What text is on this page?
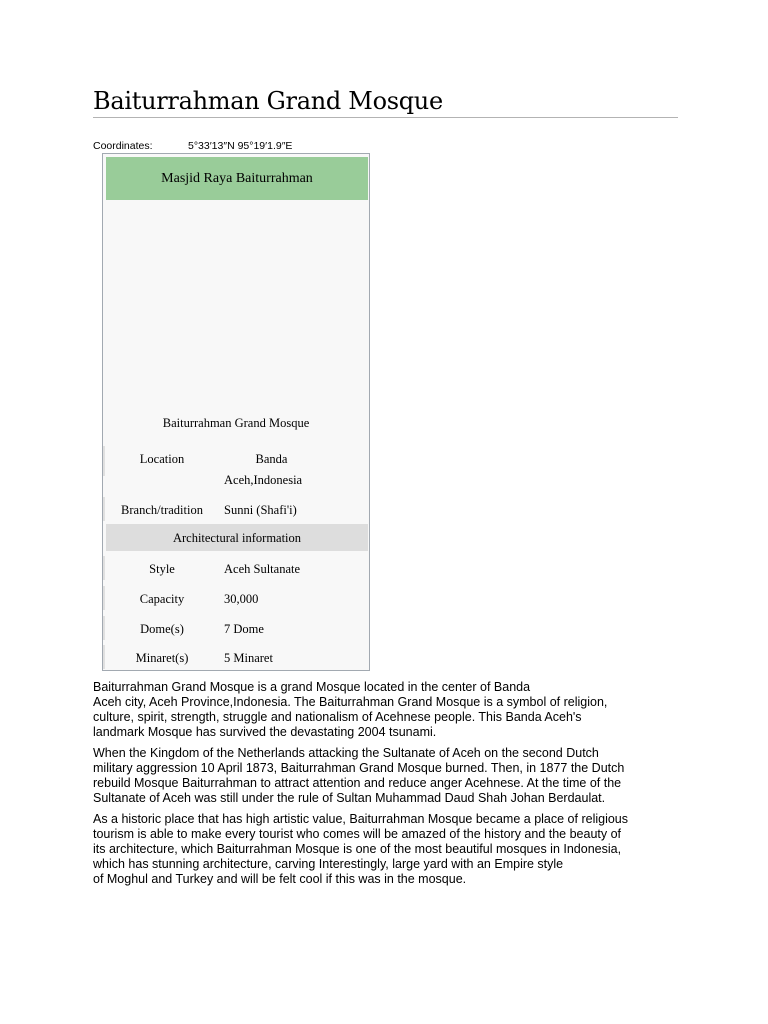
Baiturrahman Grand Mosque
Coordinates:	5°33′13″N 95°19′1.9″E
Masjid Raya Baiturrahman
Baiturrahman Grand Mosque
Location	Banda
Aceh,Indonesia
Branch/tradition	Sunni (Shafi'i)
Architectural information
Style	Aceh Sultanate
Capacity	30,000
Dome(s)	7 Dome
Minaret(s)	5 Minaret
Baiturrahman Grand Mosque is a grand Mosque located in the center of Banda
Aceh city, Aceh Province,Indonesia. The Baiturrahman Grand Mosque is a symbol of religion,
culture, spirit, strength, struggle and nationalism of Acehnese people. This Banda Aceh's
landmark Mosque has survived the devastating 2004 tsunami.
When the Kingdom of the Netherlands attacking the Sultanate of Aceh on the second Dutch
military aggression 10 April 1873, Baiturrahman Grand Mosque burned. Then, in 1877 the Dutch
rebuild Mosque Baiturrahman to attract attention and reduce anger Acehnese. At the time of the
Sultanate of Aceh was still under the rule of Sultan Muhammad Daud Shah Johan Berdaulat.
As a historic place that has high artistic value, Baiturrahman Mosque became a place of religious
tourism is able to make every tourist who comes will be amazed of the history and the beauty of
its architecture, which Baiturrahman Mosque is one of the most beautiful mosques in Indonesia,
which has stunning architecture, carving Interestingly, large yard with an Empire style
of Moghul and Turkey and will be felt cool if this was in the mosque.
